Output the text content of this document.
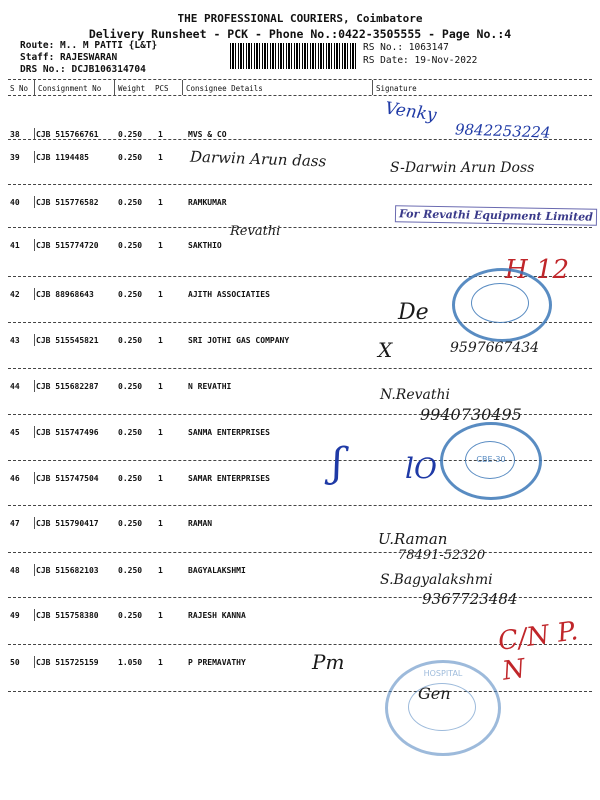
THE PROFESSIONAL COURIERS, Coimbatore
Delivery Runsheet - PCK - Phone No.:0422-3505555 - Page No.:4
Route: M.. M PATTI {L&T}
Staff: RAJESWARAN
DRS No.: DCJB106314704
RS No.: 1063147
RS Date: 19-Nov-2022
S No Consignment No Weight PCS Consignee Details	Signature
38 CJB 515766761 0.250 1	MVS & CO
39 CJB 1194485	0.250 1
40 CJB 515776582 0.250 1	RAMKUMAR
41 CJB 515774720 0.250 1	SAKTHIO
42 CJB 88968643	0.250 1	AJITH ASSOCIATIES
43 CJB 515545821 0.250 1	SRI JOTHI GAS COMPANY
44 CJB 515682287 0.250 1	N REVATHI
45 CJB 515747496 0.250 1	SANMA ENTERPRISES
46 CJB 515747504 0.250 1	SAMAR ENTERPRISES
47 CJB 515790417 0.250 1	RAMAN
48 CJB 515682103 0.250 1	BAGYALAKSHMI
49 CJB 515758380 0.250 1	RAJESH KANNA
50 CJB 515725159 1.050 1	P PREMAVATHY
Venky
9842253224
Darwin Arun dass	S-Darwin Arun Doss
For Revathi Equipment Limited
Revathi
H 12
De
X	9597667434
N.Revathi
9940730495
CBE-30
ʃ lO
U.Raman
78491-52320
S.Bagyalakshmi
9367723484
C/N P. N
HOSPITAL
Pm
Gen
